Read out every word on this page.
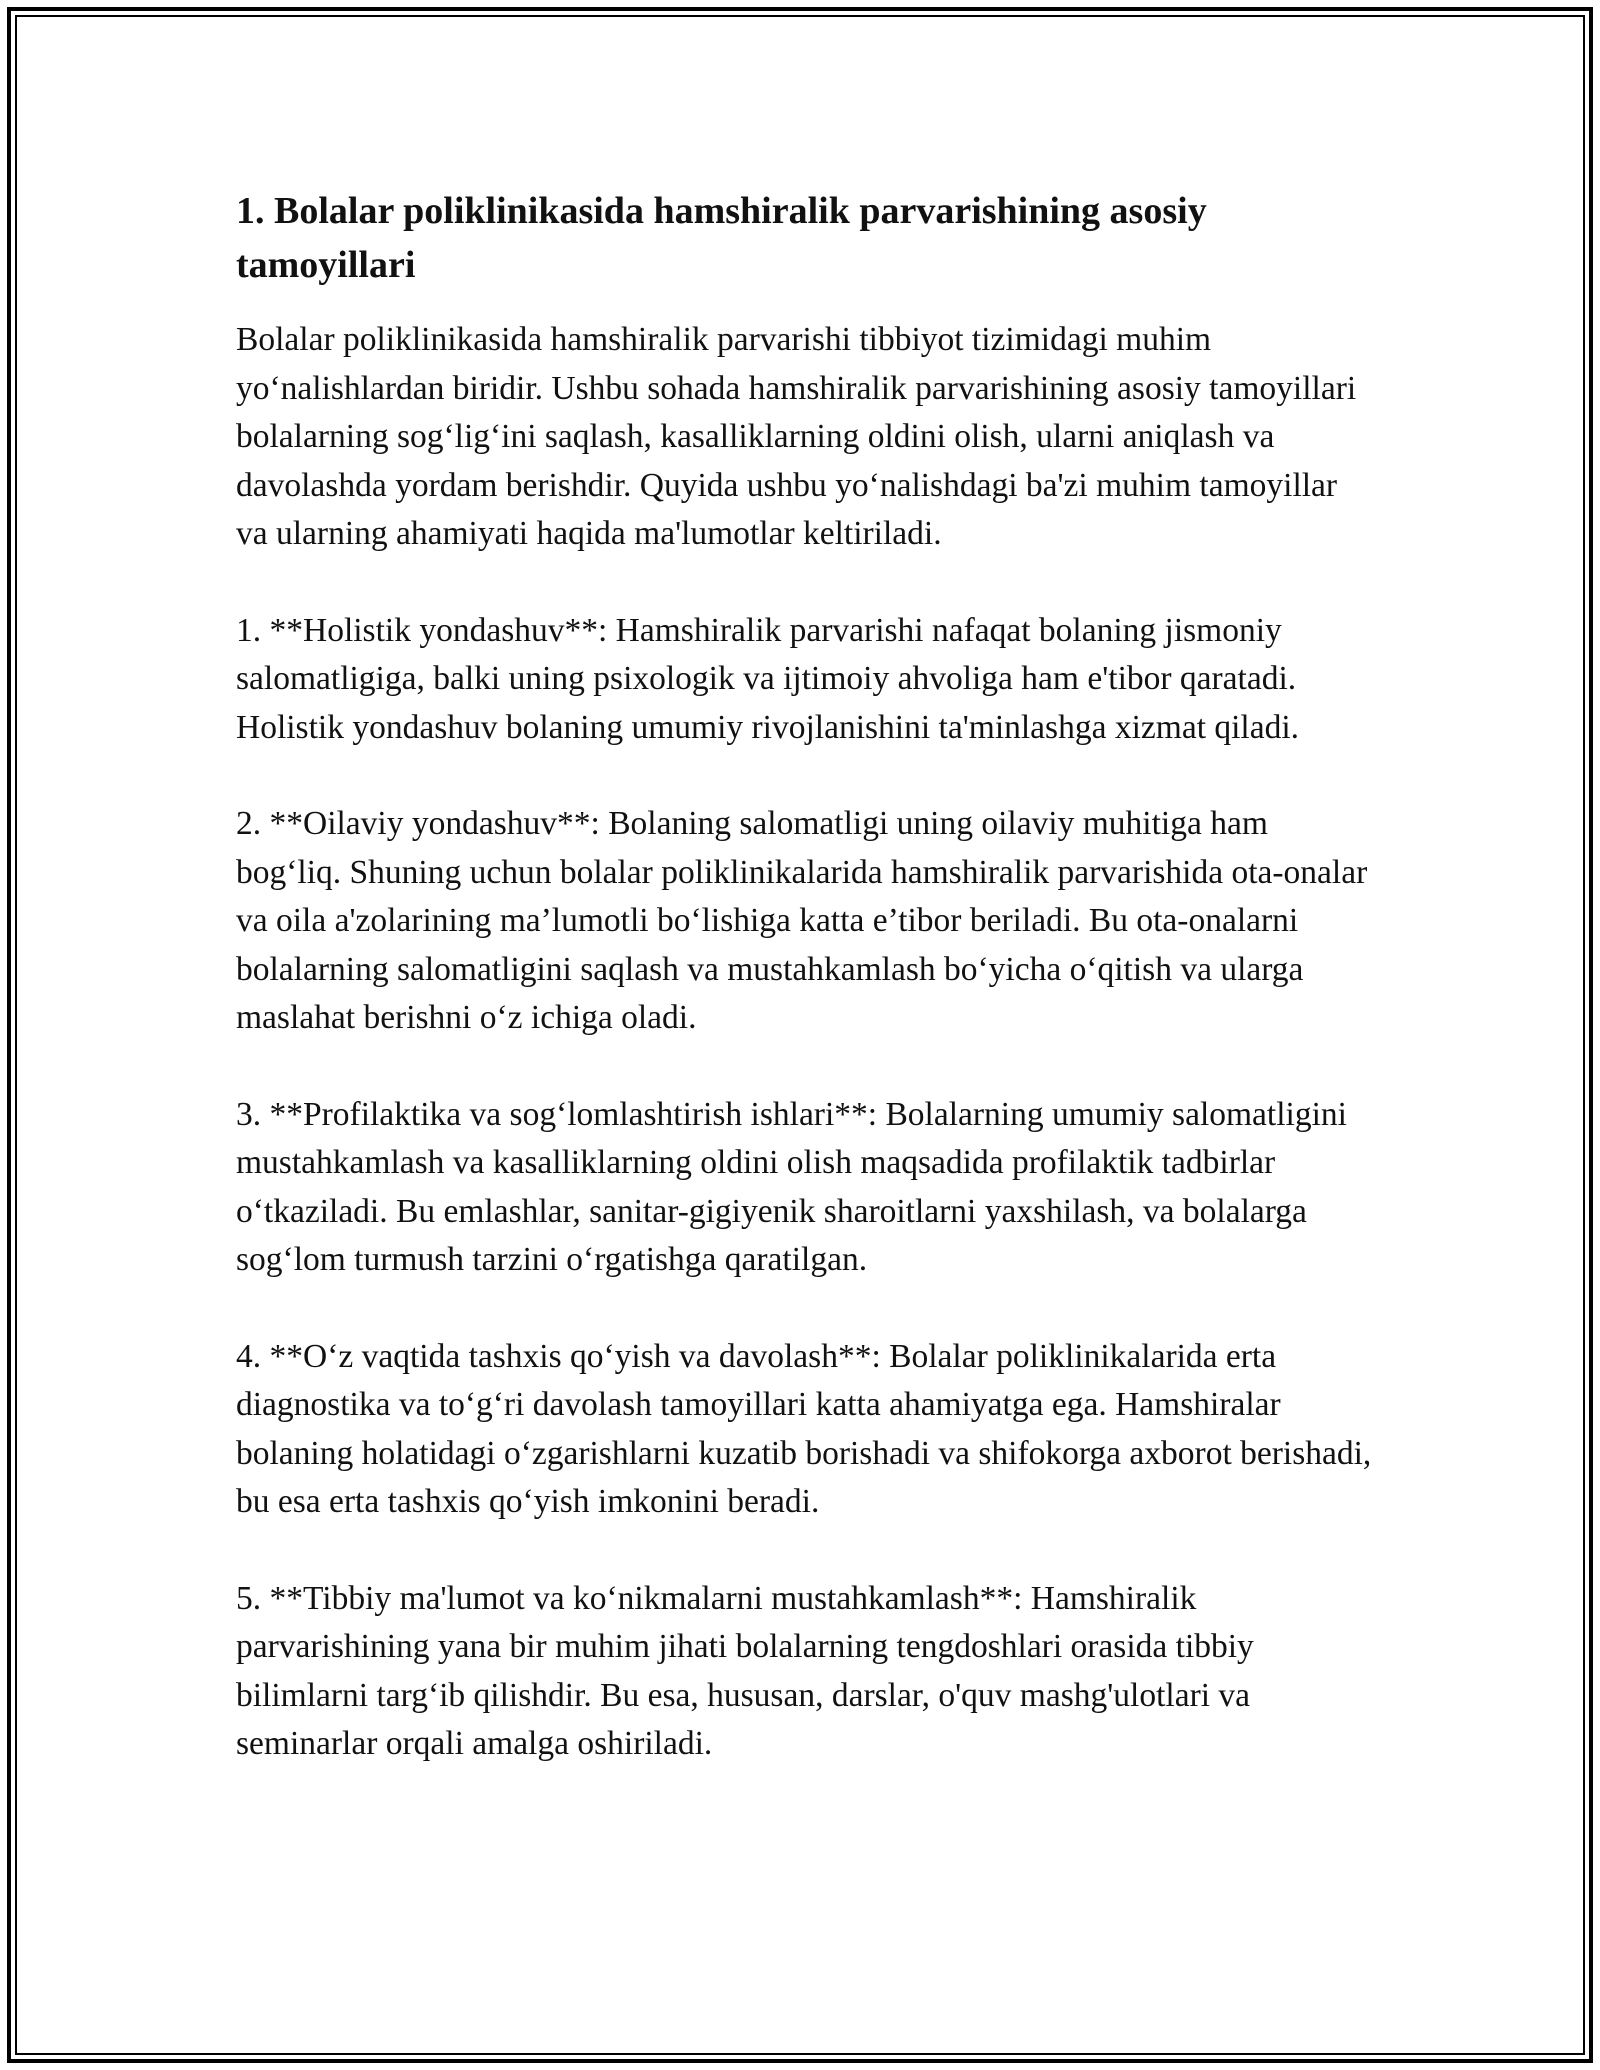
1. Bolalar poliklinikasida hamshiralik parvarishining asosiy tamoyillari

Bolalar poliklinikasida hamshiralik parvarishi tibbiyot tizimidagi muhim yo‘nalishlardan biridir. Ushbu sohada hamshiralik parvarishining asosiy tamoyillari bolalarning sog‘lig‘ini saqlash, kasalliklarning oldini olish, ularni aniqlash va davolashda yordam berishdir. Quyida ushbu yo‘nalishdagi ba'zi muhim tamoyillar va ularning ahamiyati haqida ma'lumotlar keltiriladi.

1. **Holistik yondashuv**: Hamshiralik parvarishi nafaqat bolaning jismoniy salomatligiga, balki uning psixologik va ijtimoiy ahvoliga ham e'tibor qaratadi. Holistik yondashuv bolaning umumiy rivojlanishini ta'minlashga xizmat qiladi.

2. **Oilaviy yondashuv**: Bolaning salomatligi uning oilaviy muhitiga ham bog‘liq. Shuning uchun bolalar poliklinikalarida hamshiralik parvarishida ota-onalar va oila a'zolarining ma’lumotli bo‘lishiga katta e’tibor beriladi. Bu ota-onalarni bolalarning salomatligini saqlash va mustahkamlash bo‘yicha o‘qitish va ularga maslahat berishni o‘z ichiga oladi.

3. **Profilaktika va sog‘lomlashtirish ishlari**: Bolalarning umumiy salomatligini mustahkamlash va kasalliklarning oldini olish maqsadida profilaktik tadbirlar o‘tkaziladi. Bu emlashlar, sanitar-gigiyenik sharoitlarni yaxshilash, va bolalarga sog‘lom turmush tarzini o‘rgatishga qaratilgan.

4. **O‘z vaqtida tashxis qo‘yish va davolash**: Bolalar poliklinikalarida erta diagnostika va to‘g‘ri davolash tamoyillari katta ahamiyatga ega. Hamshiralar bolaning holatidagi o‘zgarishlarni kuzatib borishadi va shifokorga axborot berishadi, bu esa erta tashxis qo‘yish imkonini beradi.

5. **Tibbiy ma'lumot va ko‘nikmalarni mustahkamlash**: Hamshiralik parvarishining yana bir muhim jihati bolalarning tengdoshlari orasida tibbiy bilimlarni targ‘ib qilishdir. Bu esa, hususan, darslar, o'quv mashg'ulotlari va seminarlar orqali amalga oshiriladi.
